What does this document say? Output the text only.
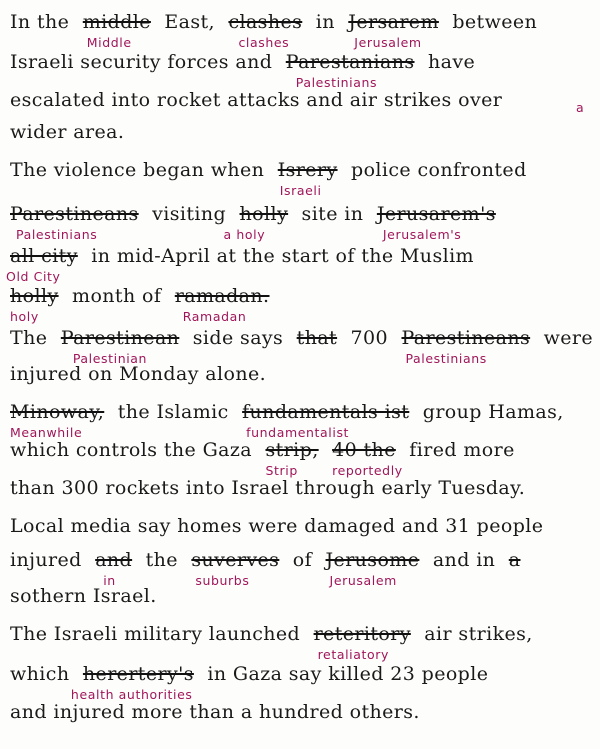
In the middle
Middle
East, clashes
clashes
in Jersarem
Jerusalem
between
Israeli security forces and Parestanians
Palestinians
have
escalated into rocket attacks and air strikes over	a
wider area.
The violence began when Isrery
Israeli
police confronted
Parestineans
Palestinians
visiting holly
a holy
site in Jerusarem's
Jerusalem's
all city
Old City
in mid-April at the start of the Muslim
holly
holy
month of ramadan.
Ramadan
The Parestinean
Palestinian
side says that 700 Parestineans
Palestinians
were
injured on Monday alone.
Minoway,
Meanwhile
the Islamic fundamentals ist
fundamentalist
group Hamas,
which controls the Gaza strip,
Strip
40 the
reportedly
fired more
than 300 rockets into Israel through early Tuesday.
Local media say homes were damaged and 31 people
injured and
in
the suverves
suburbs
of Jerusome
Jerusalem
and in a
sothern Israel.
The Israeli military launched reteritory
retaliatory
air strikes,
which herertery's
health authorities
in Gaza say killed 23 people
and injured more than a hundred others.
